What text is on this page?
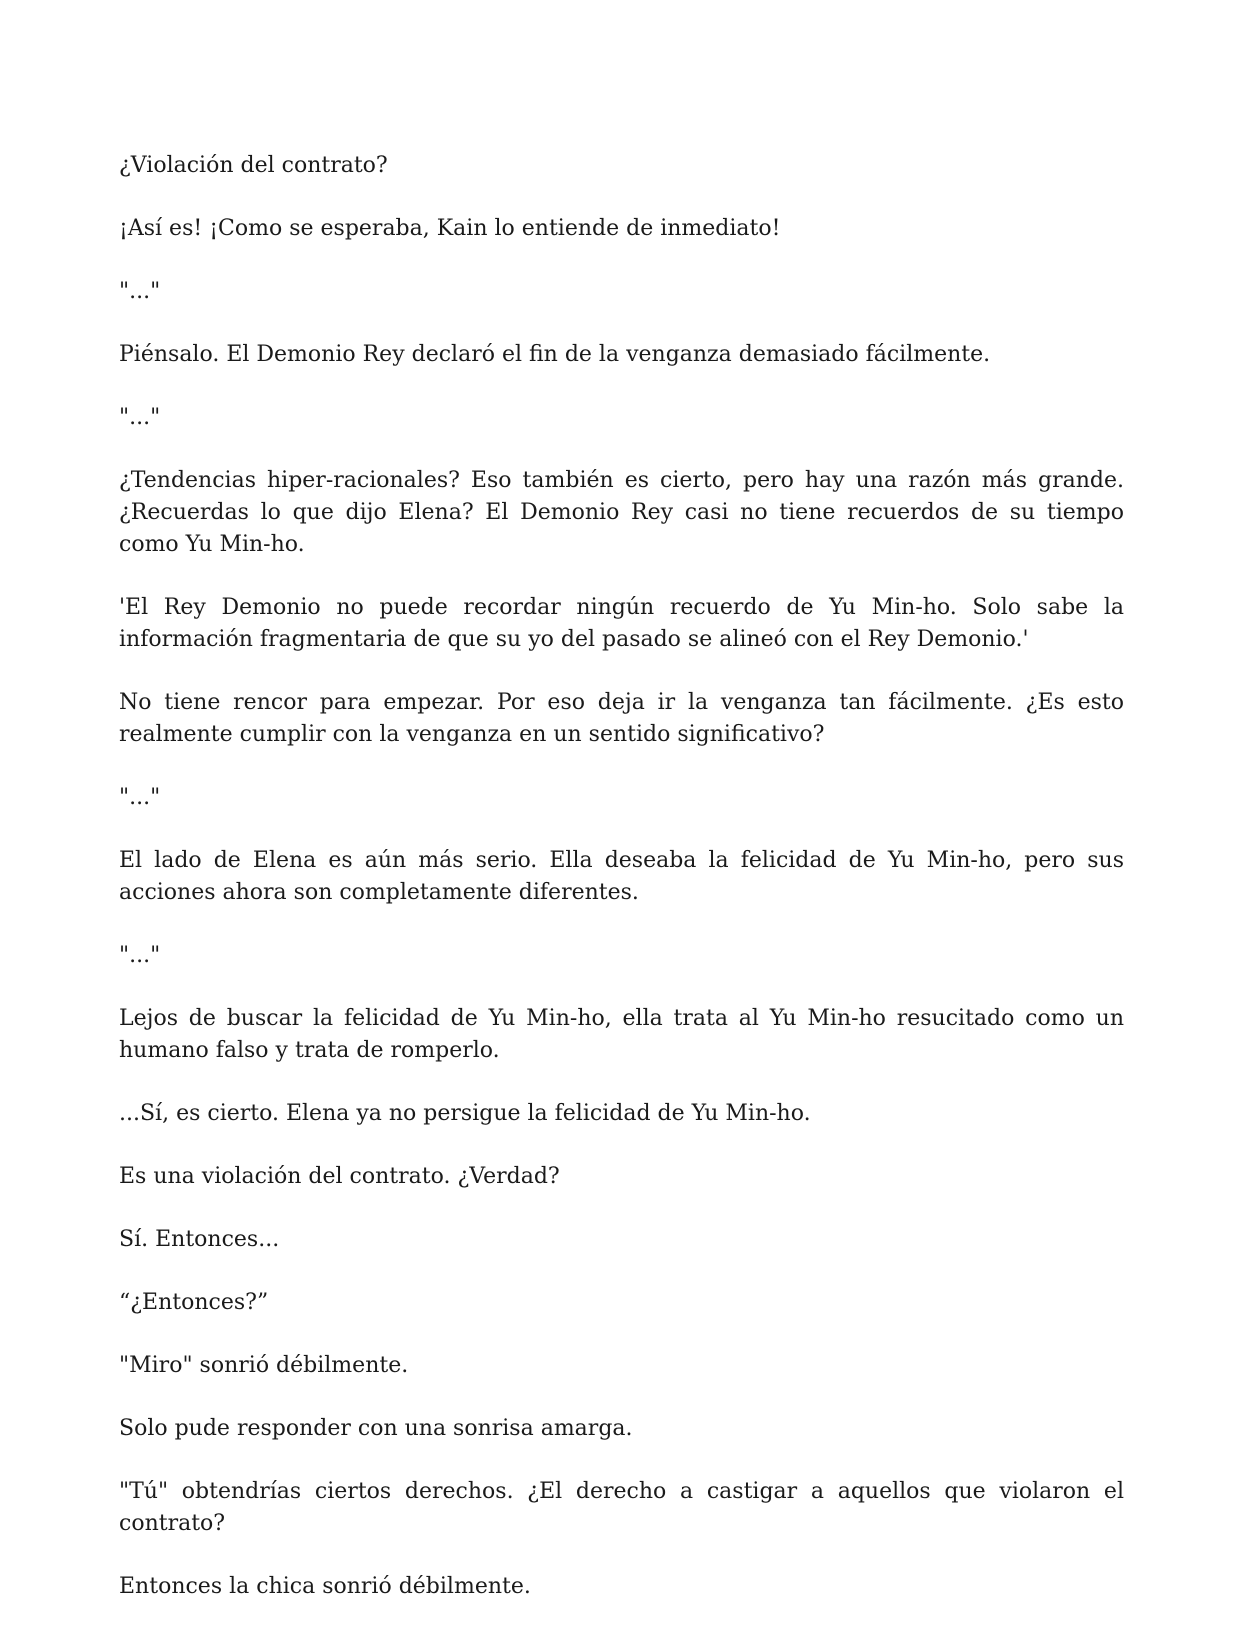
¿Violación del contrato?

¡Así es! ¡Como se esperaba, Kain lo entiende de inmediato!

"..."

Piénsalo. El Demonio Rey declaró el fin de la venganza demasiado fácilmente.

"..."

¿Tendencias hiper-racionales? Eso también es cierto, pero hay una razón más grande. ¿Recuerdas lo que dijo Elena? El Demonio Rey casi no tiene recuerdos de su tiempo como Yu Min-ho.

'El Rey Demonio no puede recordar ningún recuerdo de Yu Min-ho. Solo sabe la información fragmentaria de que su yo del pasado se alineó con el Rey Demonio.'

No tiene rencor para empezar. Por eso deja ir la venganza tan fácilmente. ¿Es esto realmente cumplir con la venganza en un sentido significativo?

"..."

El lado de Elena es aún más serio. Ella deseaba la felicidad de Yu Min-ho, pero sus acciones ahora son completamente diferentes.

"..."

Lejos de buscar la felicidad de Yu Min-ho, ella trata al Yu Min-ho resucitado como un humano falso y trata de romperlo.

...Sí, es cierto. Elena ya no persigue la felicidad de Yu Min-ho.

Es una violación del contrato. ¿Verdad?

Sí. Entonces...

“¿Entonces?”

"Miro" sonrió débilmente.

Solo pude responder con una sonrisa amarga.

"Tú" obtendrías ciertos derechos. ¿El derecho a castigar a aquellos que violaron el contrato?

Entonces la chica sonrió débilmente.
